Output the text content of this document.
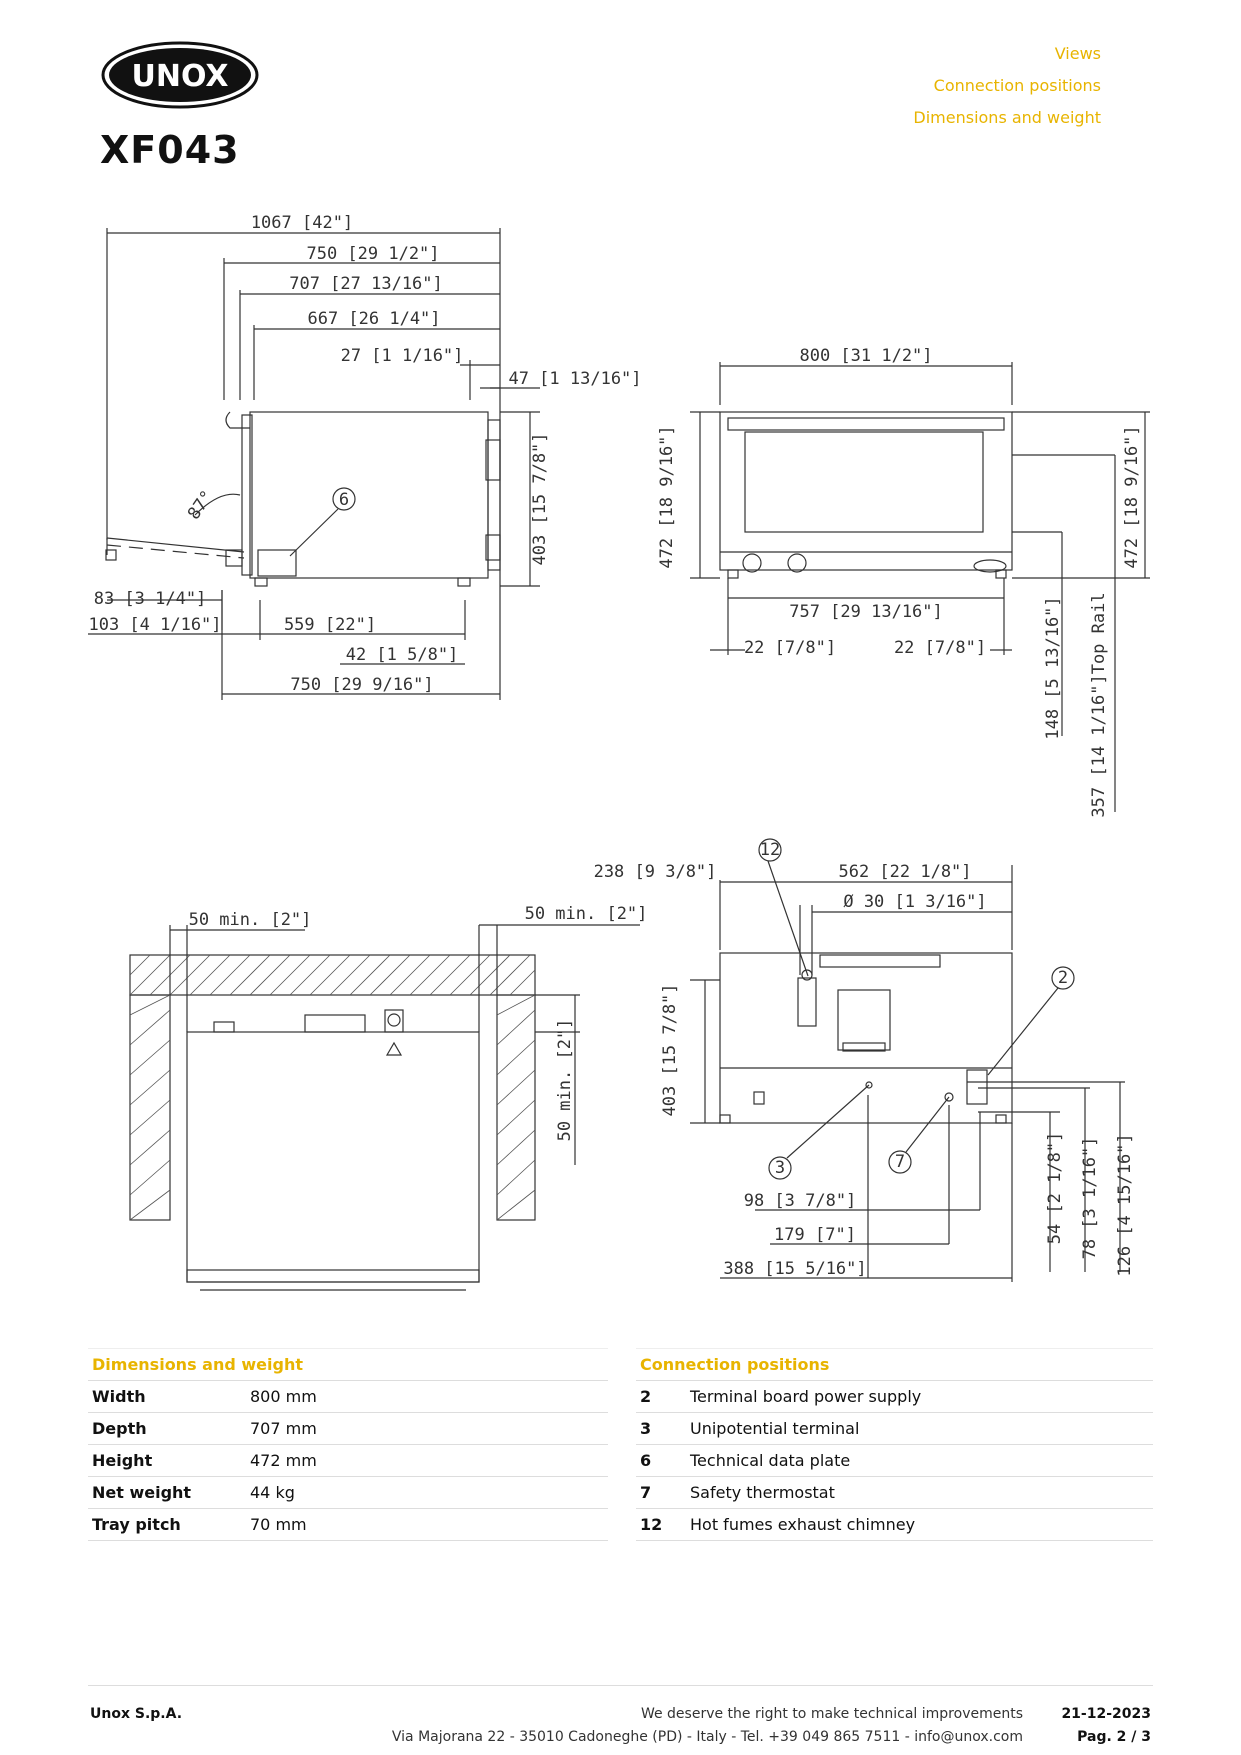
UNOX
Views
Connection positions
Dimensions and weight
XF043
1067 [42"]
750 [29 1/2"]
707 [27 13/16"]
667 [26 1/4"]
27 [1 1/16"]
47 [1 13/16"]
403 [15 7/8"]
87°	6
83 [3 1/4"]
103 [4 1/16"]	559 [22"]
42 [1 5/8"]
750 [29 9/16"]
800 [31 1/2"]
472 [18 9/16"]	472 [18 9/16"]
757 [29 13/16"]
22 [7/8"]	22 [7/8"]	148 [5 13/16"] 357 [14 1/16"]Top Rail
50 min. [2"]	50 min. [2"]
50 min. [2"]
238 [9 3/8"]	562 [22 1/8"]
Ø 30 [1 3/16"]
403 [15 7/8"]
98 [3 7/8"]
179 [7"]
388 [15 5/16"]
54 [2 1/8"] 78 [3 1/16"] 126 [4 15/16"]
12
2
3	7
Dimensions and weight	
Width	800 mm
Depth	707 mm
Height	472 mm
Net weight	44 kg
Tray pitch	70 mm
Connection positions	
2	Terminal board power supply
3	Unipotential terminal
6	Technical data plate
7	Safety thermostat
12	Hot fumes exhaust chimney
Unox S.p.A.	We deserve the right to make technical improvements
Via Majorana 22 - 35010 Cadoneghe (PD) - Italy - Tel. +39 049 865 7511 - info@unox.com
21-12-2023
Pag. 2 / 3
